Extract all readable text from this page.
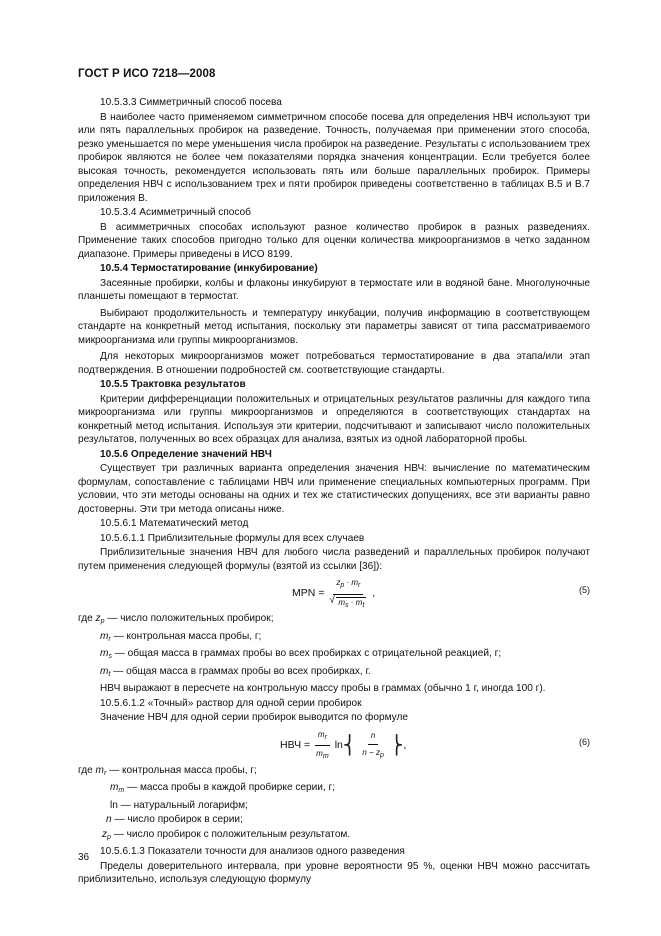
ГОСТ Р ИСО 7218—2008
10.5.3.3 Симметричный способ посева
В наиболее часто применяемом симметричном способе посева для определения НВЧ используют три или пять параллельных пробирок на разведение. Точность, получаемая при применении этого способа, резко уменьшается по мере уменьшения числа пробирок на разведение. Результаты с использованием трех пробирок являются не более чем показателями порядка значения концентрации. Если требуется более высокая точность, рекомендуется использовать пять или больше параллельных пробирок. Примеры определения НВЧ с использованием трех и пяти пробирок приведены соответственно в таблицах В.5 и В.7 приложения В.
10.5.3.4 Асимметричный способ
В асимметричных способах используют разное количество пробирок в разных разведениях. Применение таких способов пригодно только для оценки количества микроорганизмов в четко заданном диапазоне. Примеры приведены в ИСО 8199.
10.5.4 Термостатирование (инкубирование)
Засеянные пробирки, колбы и флаконы инкубируют в термостате или в водяной бане. Многолуночные планшеты помещают в термостат.
Выбирают продолжительность и температуру инкубации, получив информацию в соответствующем стандарте на конкретный метод испытания, поскольку эти параметры зависят от типа рассматриваемого микроорганизма или группы микроорганизмов.
Для некоторых микроорганизмов может потребоваться термостатирование в два этапа/или этап подтверждения. В отношении подробностей см. соответствующие стандарты.
10.5.5 Трактовка результатов
Критерии дифференциации положительных и отрицательных результатов различны для каждого типа микроорганизма или группы микроорганизмов и определяются в соответствующих стандартах на конкретный метод испытания. Используя эти критерии, подсчитывают и записывают число положительных результатов, полученных во всех образцах для анализа, взятых из одной лабораторной пробы.
10.5.6 Определение значений НВЧ
Существует три различных варианта определения значения НВЧ: вычисление по математическим формулам, сопоставление с таблицами НВЧ или применение специальных компьютерных программ. При условии, что эти методы основаны на одних и тех же статистических допущениях, все эти варианты равно достоверны. Эти три метода описаны ниже.
10.5.6.1 Математический метод
10.5.6.1.1 Приблизительные формулы для всех случаев
Приблизительные значения НВЧ для любого числа разведений и параллельных пробирок получают путем применения следующей формулы (взятой из ссылки [36]):
MPN = $z_p \cdot m_r$
√ $m_s \cdot m_t$ ,	(5)
где $z_p$ — число положительных пробирок;
$m_r$ — контрольная масса пробы, г;
$m_s$ — общая масса в граммах пробы во всех пробирках с отрицательной реакцией, г;
$m_t$ — общая масса в граммах пробы во всех пробирках, г.
НВЧ выражают в пересчете на контрольную массу пробы в граммах (обычно 1 г, иногда 100 г).
10.5.6.1.2 «Точный» раствор для одной серии пробирок
Значение НВЧ для одной серии пробирок выводится по формуле
НВЧ = $\frac{m_r}{m_m}$ ln ⎨ $\frac{n}{n - z_p}$ ⎬ ,	(6)
где $m_r$ — контрольная масса пробы, г;
$m_m$ — масса пробы в каждой пробирке серии, г;
ln — натуральный логарифм;
n — число пробирок в серии;
$z_p$ — число пробирок с положительным результатом.
10.5.6.1.3 Показатели точности для анализов одного разведения
Пределы доверительного интервала, при уровне вероятности 95 %, оценки НВЧ можно рассчитать приблизительно, используя следующую формулу
36
